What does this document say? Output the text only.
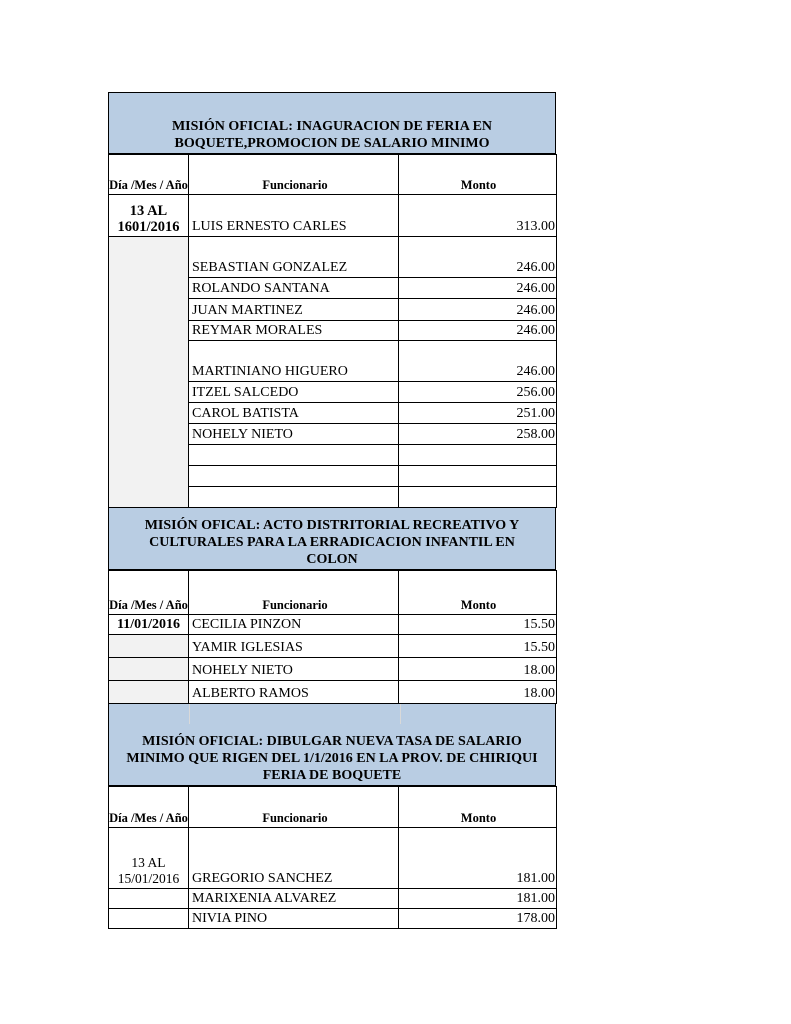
MISIÓN OFICIAL: INAGURACION DE FERIA EN BOQUETE,PROMOCION DE SALARIO MINIMO
Día /Mes / Año	Funcionario	Monto
13 AL 1601/2016	LUIS ERNESTO CARLES	313.00
	SEBASTIAN GONZALEZ	246.00
	ROLANDO SANTANA	246.00
	JUAN MARTINEZ	246.00
	REYMAR MORALES	246.00
	MARTINIANO HIGUERO	246.00
	ITZEL SALCEDO	256.00
	CAROL BATISTA	251.00
	NOHELY NIETO	258.00

MISIÓN OFICAL: ACTO DISTRITORIAL RECREATIVO Y CULTURALES PARA LA ERRADICACION INFANTIL EN COLON
Día /Mes / Año	Funcionario	Monto
11/01/2016	CECILIA PINZON	15.50
	YAMIR IGLESIAS	15.50
	NOHELY NIETO	18.00
	ALBERTO RAMOS	18.00
MISIÓN OFICIAL: DIBULGAR NUEVA TASA DE SALARIO MINIMO QUE RIGEN DEL 1/1/2016 EN LA PROV. DE CHIRIQUI FERIA DE BOQUETE
Día /Mes / Año	Funcionario	Monto
13 AL 15/01/2016	GREGORIO SANCHEZ	181.00
	MARIXENIA ALVAREZ	181.00
	NIVIA PINO	178.00
